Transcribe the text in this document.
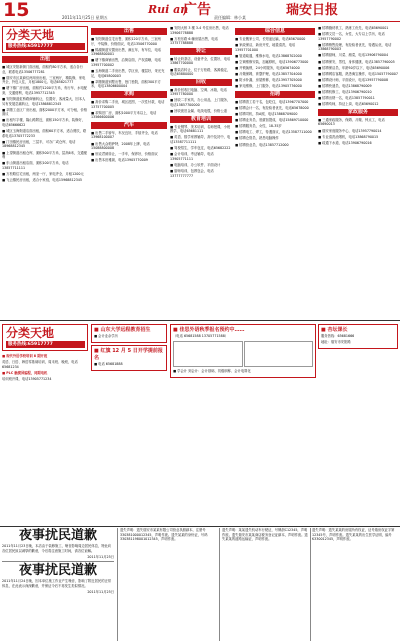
15	2011年11月25日 星期五
Rui an
广告 责任编辑：林小某	瑞安日报
分类天地
服务热线:65917777
出租
■ 城区安阳新街门面出租，面积约80平方米，适合各行业，联系电话13506777281
■ 瑞安市区某商住两用房出租，三室两厅，精装修，家电齐全，拎包入住，月租1800元。电话65821777
■ 塘下镇厂房出租，面积约1200平方米，有行车，水电配套，交通便利，电话13957712345
■ 安阳街道虹桥路商铺转让，位置好，客流量大，因本人另有发展忍痛转让，电话13868812345
■ 莘塍工业区厂房出租，面积2000平方米，可分租，价格面议
■ 出租写字楼，隆山路附近，面积150平方米，装修好，电话65666622
■ 城区玉海街道店面出租，面积60平方米，适合餐饮，联系电话13705772233
■ 汀田镇民房出租，三层半，可办厂或仓库，电话18968812345
■ 上望街道出租仓库，面积500平方米，层高6米，交通便利
■ 东山街道出租店面，面积100平方米，电话13857711111
■ 万松路住宅出租，两室一厅，家电齐全，月租1200元
■ 飞云镇民房出租，适合小家庭，电话15968812345
出售
■ 安阳街道住宅出售，面积120平方米，三室两厅，中装修，价格面议，电话13506770000
■ 锦湖街道安置房出售，满五年，有车位，电话13968800001
■ 塘下镇商铺出售，沿街店面，产权清晰，电话13957700002
■ 玉海街道二手房出售，学区房，楼层好，采光充足，电话65800003
■ 莘塍街道别墅出售，独门独院，面积300平方米，电话13806600004
求购
■ 高价求购二手房，城区范围，一次性付款，电话13757700005
■ 求购旧厂房，面积1000平方米以上，电话13566600006
汽车
■ 出售二手轿车，车况良好，手续齐全，电话13968100007
■ 出售大众帕萨特，2008年上牌，电话15088800008
■ 别克君威转让，一手车，保养好，价格面议
■ 出售本田雅阁，电话13905770009
■ 安阳大桥 3 楼 3-4 号住房出售，电话13906778888
■ 万松东路 6 幢房屋出售，电话13757788888
转让
■ 转让奶茶店，设备齐全，位置好，电话13867700000
■ 服装店转让，位于万松路，客源稳定，电话65880000
回收
■ 高价回收旧电脑、空调、冰箱，电话13957780000
■ 回收二手家具、办公用品，上门服务，电话15857700000
■ 回收废旧金属、电线电缆，价格公道
教育培训
■ 专业钢琴、美术培训，名师授课，小班教学，电话65681111
■ 英语、数学家教辅导，高中及初中，电话13587711111
■ 驾校招生，学车包过，电话65682222
■ 会计培训，考证辅导，电话13905771111
■ 电脑培训，办公软件、平面设计
■ 厨师培训，包教包会，电话13777777777
综合信息
■ 专业搬家公司，长短途运输，电话65670000
■ 家政保洁，新房开荒，地毯清洗，电话13957701000
■ 管道疏通，维修水电，电话13868702000
■ 空调维修安装，加氟移机，电话13906773000
■ 开锁换锁，24小时服务，电话65674000
■ 月嫂保姆，育婴护理，电话13857704000
■ 防水补漏，房屋维修，电话13957705000
■ 家电维修，上门服务，电话13905776000
招聘
■ 招聘普工若干名，包吃住，电话13967707000
■ 招聘会计一名，有经验者优先，电话65678000
■ 招聘司机，持A照，电话13868709000
■ 招聘业务员，底薪加提成，电话15869710000
■ 招聘服务员，女性，18-35岁
■ 招聘电工、焊工，待遇面议，电话13587711000
■ 招聘仓管员，熟悉电脑操作
■ 招聘营业员，电话13857712000
■ 招聘缝纫机工，熟练工优先，电话65690001
■ 招聘文员一名，女性，大专以上学历，电话13957790002
■ 招聘销售经理，有经验者优先，待遇从优，电话13868790003
■ 招聘厨师，川菜、湘菜，电话13906790004
■ 招聘保安，男性，身体健康，电话13857790005
■ 招聘保洁员，年龄50岁以下，电话65690006
■ 招聘网店客服，熟悉淘宝操作，电话15057790007
■ 招聘设计师，平面设计，电话13957790008
■ 招聘快递员，电话13868790009
■ 招聘机修工，电话13906790010
■ 招聘出纳一名，电话13857790011
■ 招聘幼师，持证上岗，电话65690012
家政服务
■ 三通家政服务，保姆、月嫂、钟点工，电话65690013
■ 瑞安家庭服务中心，电话13957790014
■ 专业清洗油烟机，电话13868790015
■ 疏通下水道，电话13906790016
分类天地
服务热线:65917777
■ 现代外语学校培训 8 期开班
英语、日语、韩语零基础培训，周末班、晚班，电话65681234
■ PLC 触摸屏编程，同期电机
培训班开课，电话13905771234
■ 山东大学远程教育招生
■ 会计业余学历
■ 红旗 12 月 5 日开学提前报名
■ 电话 65681888
■ 佳思外语秋季报名预约中……
（电话 65681588 13705771588）
■ 学会计 到会计：会计基础、初级职称、会计电算化
■ 杏坛课长
服务热线：65681666
地址：瑞安市安阳路
夜事扰民道歉
2011年11月23日晚，本店由于装修施工，噪音影响周边居民休息，特此向各位居民致以诚挚的歉意，今后将注意施工时间，请各位谅解。
2011年11月25日
夜事扰民道歉
2011年11月24日晚，因本单位施工作业产生噪音，影响了附近居民的正常休息，在此表示深深歉意，并保证今后不再发生类似情况。
2011年11月25日
遗失声明：遗失瑞安市某某有限公司营业执照副本，注册号330381000012345，声明作废。遗失某某的身份证，号码330381198001012345，声明作废。
遗失声明：某某遗失机动车行驶证，号牌浙C12345，声明作废。遗失瑞安市某某商店税务登记证副本，声明作废。遗失某某的道路运输证，声明作废。
遗失声明：遗失某某的房屋所有权证，证号瑞房权证字第12345号，声明作废。遗失某某的出生医学证明，编号K330012345，声明作废。
